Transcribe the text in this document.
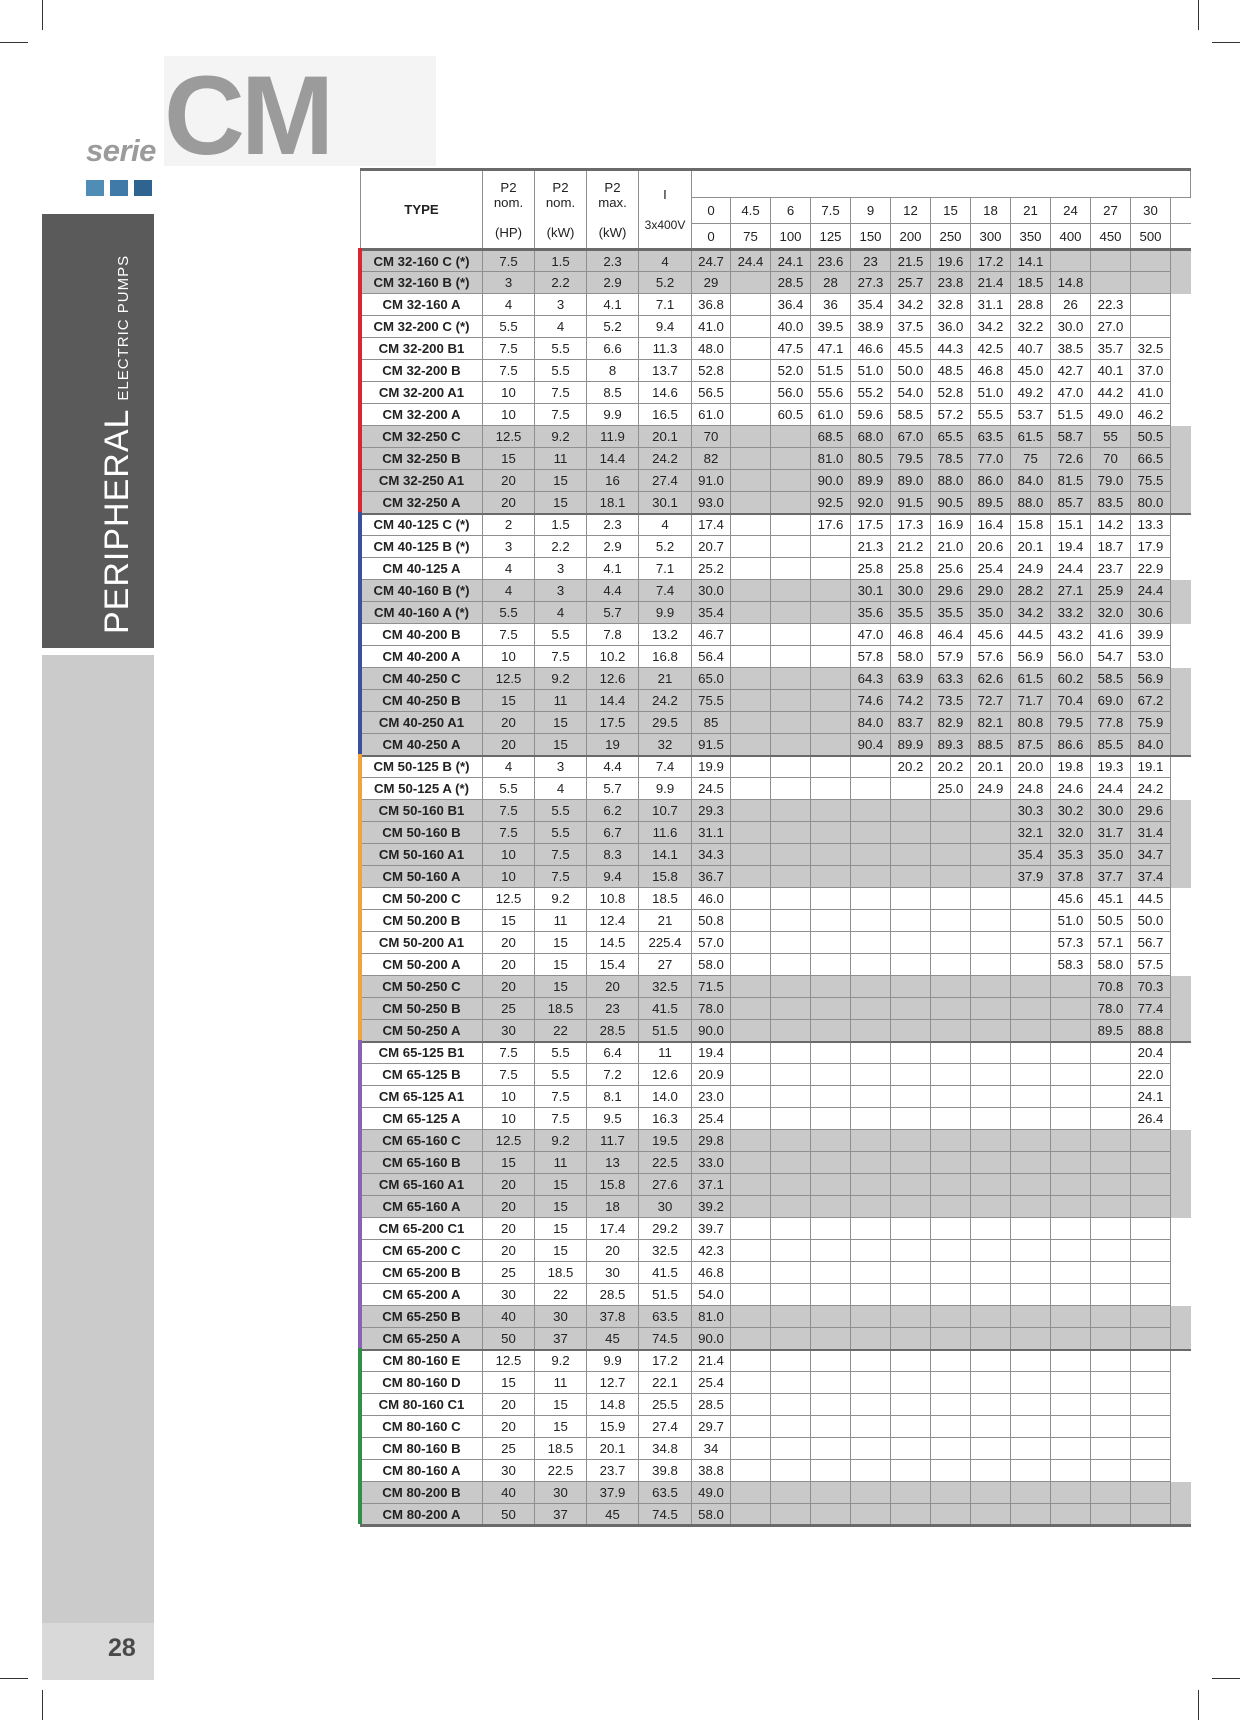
serie CM
PERIPHERALELECTRIC PUMPS
28
TYPE	P2
nom.

(HP)	P2
nom.

(kW)	P2
max.

(kW)	I

3x400V													
					0	4.5	6	7.5	9	12	15	18	21	24	27	30	
					0	75	100	125	150	200	250	300	350	400	450	500	
CM 32-160 C (*)	7.5	1.5	2.3	4	24.7	24.4	24.1	23.6	23	21.5	19.6	17.2	14.1				
CM 32-160 B (*)	3	2.2	2.9	5.2	29		28.5	28	27.3	25.7	23.8	21.4	18.5	14.8			
CM 32-160 A	4	3	4.1	7.1	36.8		36.4	36	35.4	34.2	32.8	31.1	28.8	26	22.3		
CM 32-200 C (*)	5.5	4	5.2	9.4	41.0		40.0	39.5	38.9	37.5	36.0	34.2	32.2	30.0	27.0		
CM 32-200 B1	7.5	5.5	6.6	11.3	48.0		47.5	47.1	46.6	45.5	44.3	42.5	40.7	38.5	35.7	32.5	
CM 32-200 B	7.5	5.5	8	13.7	52.8		52.0	51.5	51.0	50.0	48.5	46.8	45.0	42.7	40.1	37.0	
CM 32-200 A1	10	7.5	8.5	14.6	56.5		56.0	55.6	55.2	54.0	52.8	51.0	49.2	47.0	44.2	41.0	
CM 32-200 A	10	7.5	9.9	16.5	61.0		60.5	61.0	59.6	58.5	57.2	55.5	53.7	51.5	49.0	46.2	
CM 32-250 C	12.5	9.2	11.9	20.1	70			68.5	68.0	67.0	65.5	63.5	61.5	58.7	55	50.5	
CM 32-250 B	15	11	14.4	24.2	82			81.0	80.5	79.5	78.5	77.0	75	72.6	70	66.5	
CM 32-250 A1	20	15	16	27.4	91.0			90.0	89.9	89.0	88.0	86.0	84.0	81.5	79.0	75.5	
CM 32-250 A	20	15	18.1	30.1	93.0			92.5	92.0	91.5	90.5	89.5	88.0	85.7	83.5	80.0	
CM 40-125 C (*)	2	1.5	2.3	4	17.4			17.6	17.5	17.3	16.9	16.4	15.8	15.1	14.2	13.3	
CM 40-125 B (*)	3	2.2	2.9	5.2	20.7				21.3	21.2	21.0	20.6	20.1	19.4	18.7	17.9	
CM 40-125 A	4	3	4.1	7.1	25.2				25.8	25.8	25.6	25.4	24.9	24.4	23.7	22.9	
CM 40-160 B (*)	4	3	4.4	7.4	30.0				30.1	30.0	29.6	29.0	28.2	27.1	25.9	24.4	
CM 40-160 A (*)	5.5	4	5.7	9.9	35.4				35.6	35.5	35.5	35.0	34.2	33.2	32.0	30.6	
CM 40-200 B	7.5	5.5	7.8	13.2	46.7				47.0	46.8	46.4	45.6	44.5	43.2	41.6	39.9	
CM 40-200 A	10	7.5	10.2	16.8	56.4				57.8	58.0	57.9	57.6	56.9	56.0	54.7	53.0	
CM 40-250 C	12.5	9.2	12.6	21	65.0				64.3	63.9	63.3	62.6	61.5	60.2	58.5	56.9	
CM 40-250 B	15	11	14.4	24.2	75.5				74.6	74.2	73.5	72.7	71.7	70.4	69.0	67.2	
CM 40-250 A1	20	15	17.5	29.5	85				84.0	83.7	82.9	82.1	80.8	79.5	77.8	75.9	
CM 40-250 A	20	15	19	32	91.5				90.4	89.9	89.3	88.5	87.5	86.6	85.5	84.0	
CM 50-125 B (*)	4	3	4.4	7.4	19.9					20.2	20.2	20.1	20.0	19.8	19.3	19.1	
CM 50-125 A (*)	5.5	4	5.7	9.9	24.5						25.0	24.9	24.8	24.6	24.4	24.2	
CM 50-160 B1	7.5	5.5	6.2	10.7	29.3								30.3	30.2	30.0	29.6	
CM 50-160 B	7.5	5.5	6.7	11.6	31.1								32.1	32.0	31.7	31.4	
CM 50-160 A1	10	7.5	8.3	14.1	34.3								35.4	35.3	35.0	34.7	
CM 50-160 A	10	7.5	9.4	15.8	36.7								37.9	37.8	37.7	37.4	
CM 50-200 C	12.5	9.2	10.8	18.5	46.0									45.6	45.1	44.5	
CM 50.200 B	15	11	12.4	21	50.8									51.0	50.5	50.0	
CM 50-200 A1	20	15	14.5	225.4	57.0									57.3	57.1	56.7	
CM 50-200 A	20	15	15.4	27	58.0									58.3	58.0	57.5	
CM 50-250 C	20	15	20	32.5	71.5										70.8	70.3	
CM 50-250 B	25	18.5	23	41.5	78.0										78.0	77.4	
CM 50-250 A	30	22	28.5	51.5	90.0										89.5	88.8	
CM 65-125 B1	7.5	5.5	6.4	11	19.4											20.4	
CM 65-125 B	7.5	5.5	7.2	12.6	20.9											22.0	
CM 65-125 A1	10	7.5	8.1	14.0	23.0											24.1	
CM 65-125 A	10	7.5	9.5	16.3	25.4											26.4	
CM 65-160 C	12.5	9.2	11.7	19.5	29.8												
CM 65-160 B	15	11	13	22.5	33.0												
CM 65-160 A1	20	15	15.8	27.6	37.1												
CM 65-160 A	20	15	18	30	39.2												
CM 65-200 C1	20	15	17.4	29.2	39.7												
CM 65-200 C	20	15	20	32.5	42.3												
CM 65-200 B	25	18.5	30	41.5	46.8												
CM 65-200 A	30	22	28.5	51.5	54.0												
CM 65-250 B	40	30	37.8	63.5	81.0												
CM 65-250 A	50	37	45	74.5	90.0												
CM 80-160 E	12.5	9.2	9.9	17.2	21.4												
CM 80-160 D	15	11	12.7	22.1	25.4												
CM 80-160 C1	20	15	14.8	25.5	28.5												
CM 80-160 C	20	15	15.9	27.4	29.7												
CM 80-160 B	25	18.5	20.1	34.8	34												
CM 80-160 A	30	22.5	23.7	39.8	38.8												
CM 80-200 B	40	30	37.9	63.5	49.0												
CM 80-200 A	50	37	45	74.5	58.0												
